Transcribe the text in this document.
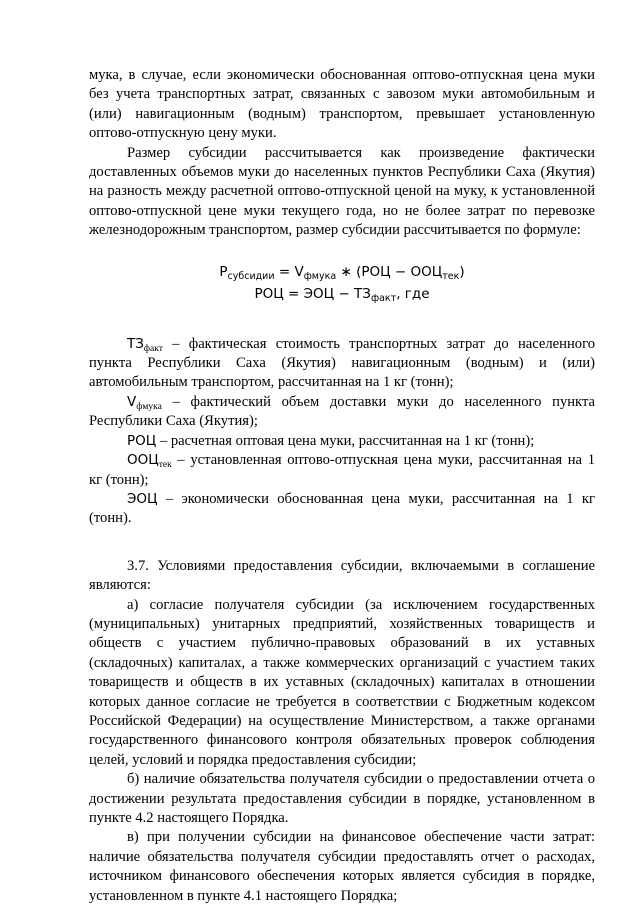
мука, в случае, если экономически обоснованная оптово-отпускная цена муки без учета транспортных затрат, связанных с завозом муки автомобильным и (или) навигационным (водным) транспортом, превышает установленную оптово-отпускную цену муки.

Размер субсидии рассчитывается как произведение фактически доставленных объемов муки до населенных пунктов Республики Саха (Якутия) на разность между расчетной оптово-отпускной ценой на муку, к установленной оптово-отпускной цене муки текущего года, но не более затрат по перевозке железнодорожным транспортом, размер субсидии рассчитывается по формуле:

$P_{субсидии} = V_{фмука}$ ∗ $(РОЦ - ООЦ_{тек})$
РОЦ = ЭОЦ − $ТЗ_{факт}$, где

$ТЗ_{факт}$ – фактическая стоимость транспортных затрат до населенного пункта Республики Саха (Якутия) навигационным (водным) и (или) автомобильным транспортом, рассчитанная на 1 кг (тонн);

$V_{фмука}$ – фактический объем доставки муки до населенного пункта Республики Саха (Якутия);

РОЦ – расчетная оптовая цена муки, рассчитанная на 1 кг (тонн);

$ООЦ_{тек}$ – установленная оптово-отпускная цена муки, рассчитанная на 1 кг (тонн);

ЭОЦ – экономически обоснованная цена муки, рассчитанная на 1 кг (тонн).

3.7. Условиями предоставления субсидии, включаемыми в соглашение являются:

а) согласие получателя субсидии (за исключением государственных (муниципальных) унитарных предприятий, хозяйственных товариществ и обществ с участием публично-правовых образований в их уставных (складочных) капиталах, а также коммерческих организаций с участием таких товариществ и обществ в их уставных (складочных) капиталах в отношении которых данное согласие не требуется в соответствии с Бюджетным кодексом Российской Федерации) на осуществление Министерством, а также органами государственного финансового контроля обязательных проверок соблюдения целей, условий и порядка предоставления субсидии;

б) наличие обязательства получателя субсидии о предоставлении отчета о достижении результата предоставления субсидии в порядке, установленном в пункте 4.2 настоящего Порядка.

в) при получении субсидии на финансовое обеспечение части затрат: наличие обязательства получателя субсидии предоставлять отчет о расходах, источником финансового обеспечения которых является субсидия в порядке, установленном в пункте 4.1 настоящего Порядка;
